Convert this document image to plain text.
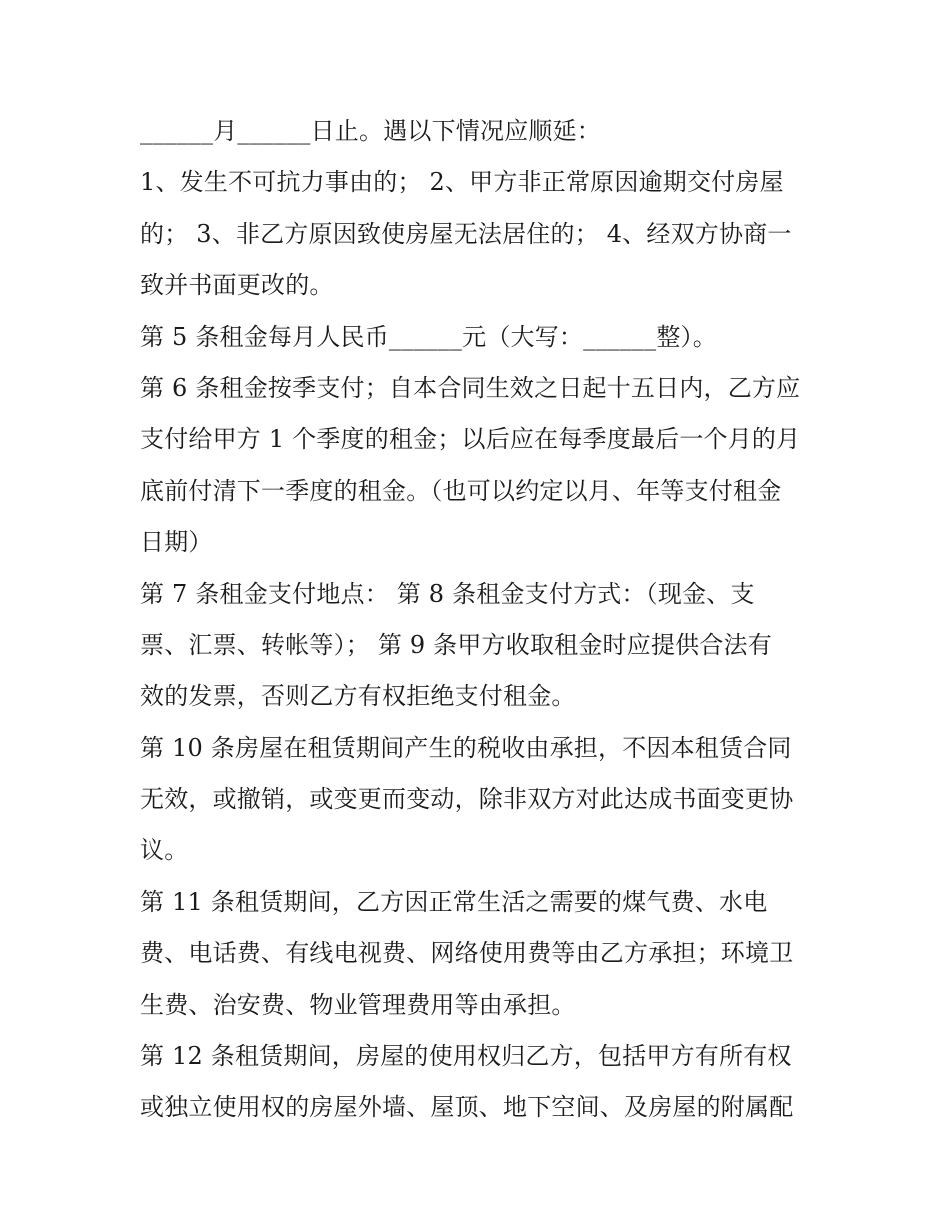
______月______日止。遇以下情况应顺延：
1、发生不可抗力事由的； 2、甲方非正常原因逾期交付房屋
的； 3、非乙方原因致使房屋无法居住的； 4、经双方协商一
致并书面更改的。
第 5 条租金每月人民币______元（大写：______整）。
第 6 条租金按季支付；自本合同生效之日起十五日内，乙方应
支付给甲方 1 个季度的租金；以后应在每季度最后一个月的月
底前付清下一季度的租金。（也可以约定以月、年等支付租金
日期）
第 7 条租金支付地点： 第 8 条租金支付方式：（现金、支
票、汇票、转帐等）； 第 9 条甲方收取租金时应提供合法有
效的发票，否则乙方有权拒绝支付租金。
第 10 条房屋在租赁期间产生的税收由承担，不因本租赁合同
无效，或撤销，或变更而变动，除非双方对此达成书面变更协
议。
第 11 条租赁期间，乙方因正常生活之需要的煤气费、水电
费、电话费、有线电视费、网络使用费等由乙方承担；环境卫
生费、治安费、物业管理费用等由承担。
第 12 条租赁期间，房屋的使用权归乙方，包括甲方有所有权
或独立使用权的房屋外墙、屋顶、地下空间、及房屋的附属配
